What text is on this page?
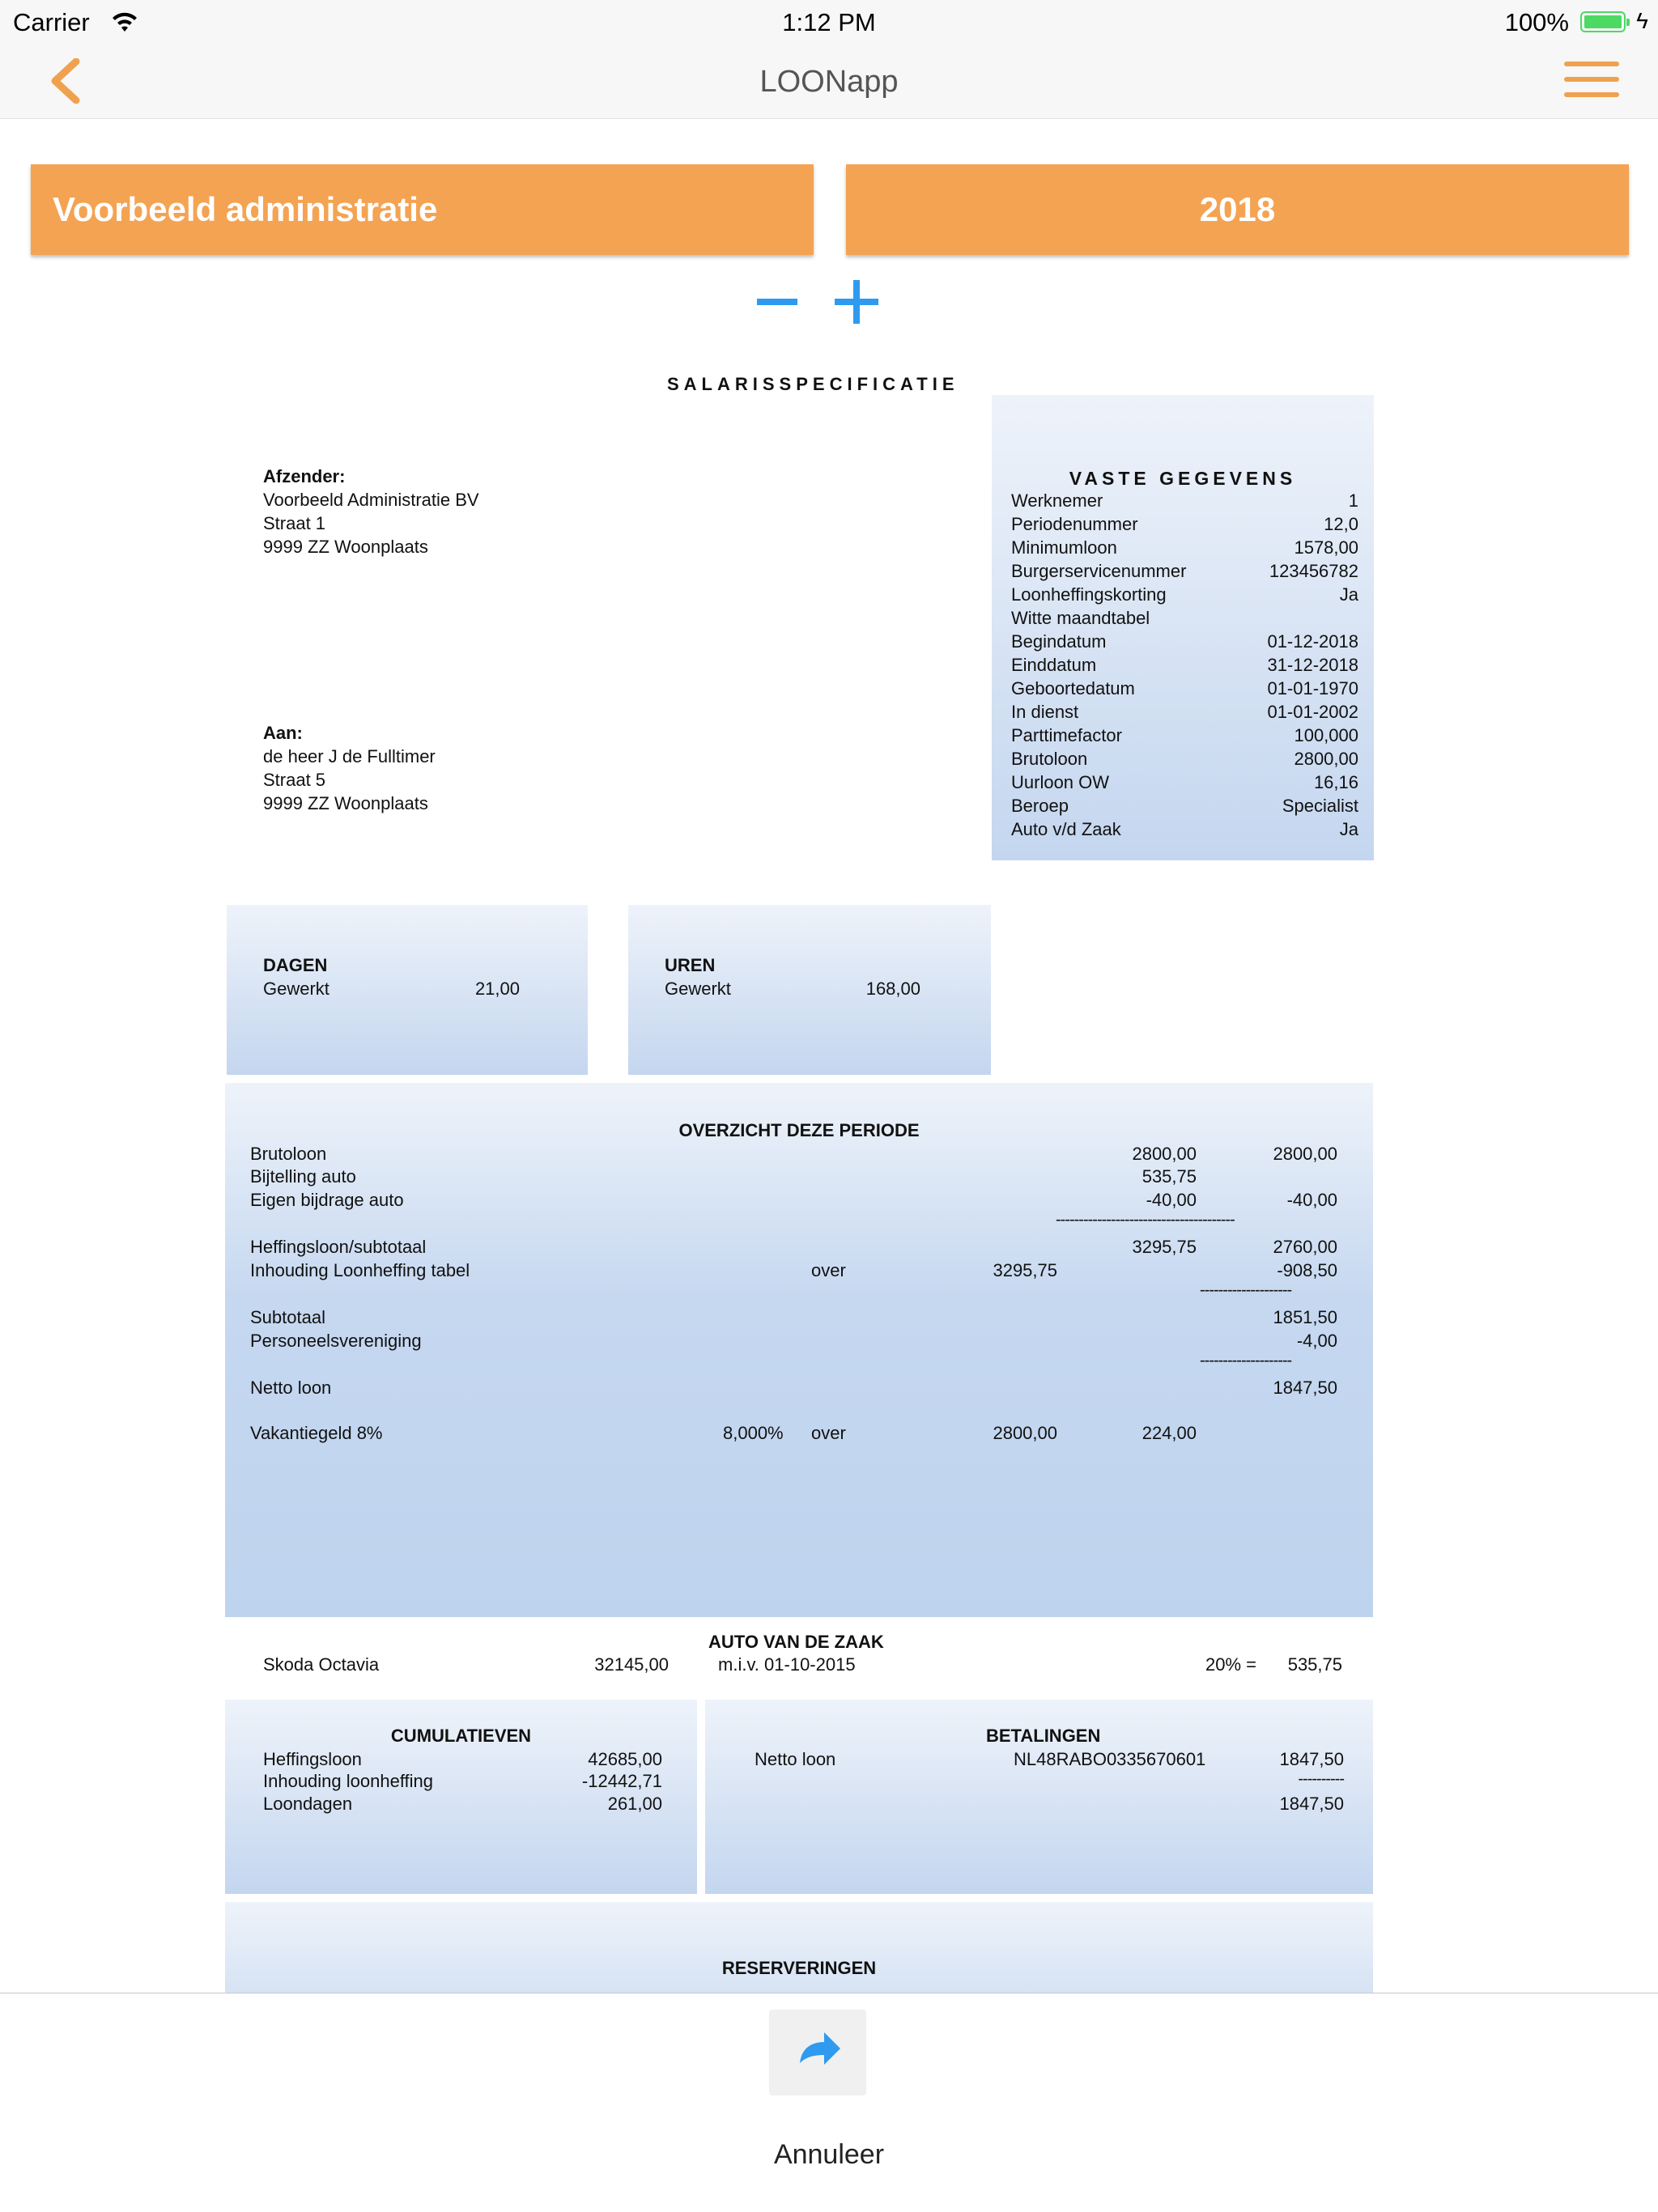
Carrier	1:12 PM	100%	ϟ
LOONapp
Voorbeeld administratie	2018
SALARISSPECIFICATIE
Afzender:
Voorbeeld Administratie BV
Straat 1
9999 ZZ Woonplaats
Aan:
de heer J de Fulltimer
Straat 5
9999 ZZ Woonplaats
VASTE GEGEVENS
Werknemer	1
Periodenummer	12,0
Minimumloon	1578,00
Burgerservicenummer	123456782
Loonheffingskorting	Ja
Witte maandtabel
Begindatum	01-12-2018
Einddatum	31-12-2018
Geboortedatum	01-01-1970
In dienst	01-01-2002
Parttimefactor	100,000
Brutoloon	2800,00
Uurloon OW	16,16
Beroep	Specialist
Auto v/d Zaak	Ja
DAGEN
Gewerkt	21,00
UREN
Gewerkt	168,00
OVERZICHT DEZE PERIODE
Brutoloon	2800,00	2800,00
Bijtelling auto	535,75
Eigen bijdrage auto	-40,00	-40,00
---------------------------------------
Heffingsloon/subtotaal	3295,75	2760,00
Inhouding Loonheffing tabel	over	3295,75	-908,50
--------------------
Subtotaal	1851,50
Personeelsvereniging	-4,00
--------------------
Netto loon	1847,50
Vakantiegeld 8%	8,000% over	2800,00	224,00
AUTO VAN DE ZAAK
Skoda Octavia	32145,00	m.i.v. 01-10-2015	20% =	535,75
CUMULATIEVEN
Heffingsloon	42685,00
Inhouding loonheffing	-12442,71
Loondagen	261,00
BETALINGEN
Netto loon	NL48RABO0335670601	1847,50
----------
1847,50
RESERVERINGEN
Annuleer
